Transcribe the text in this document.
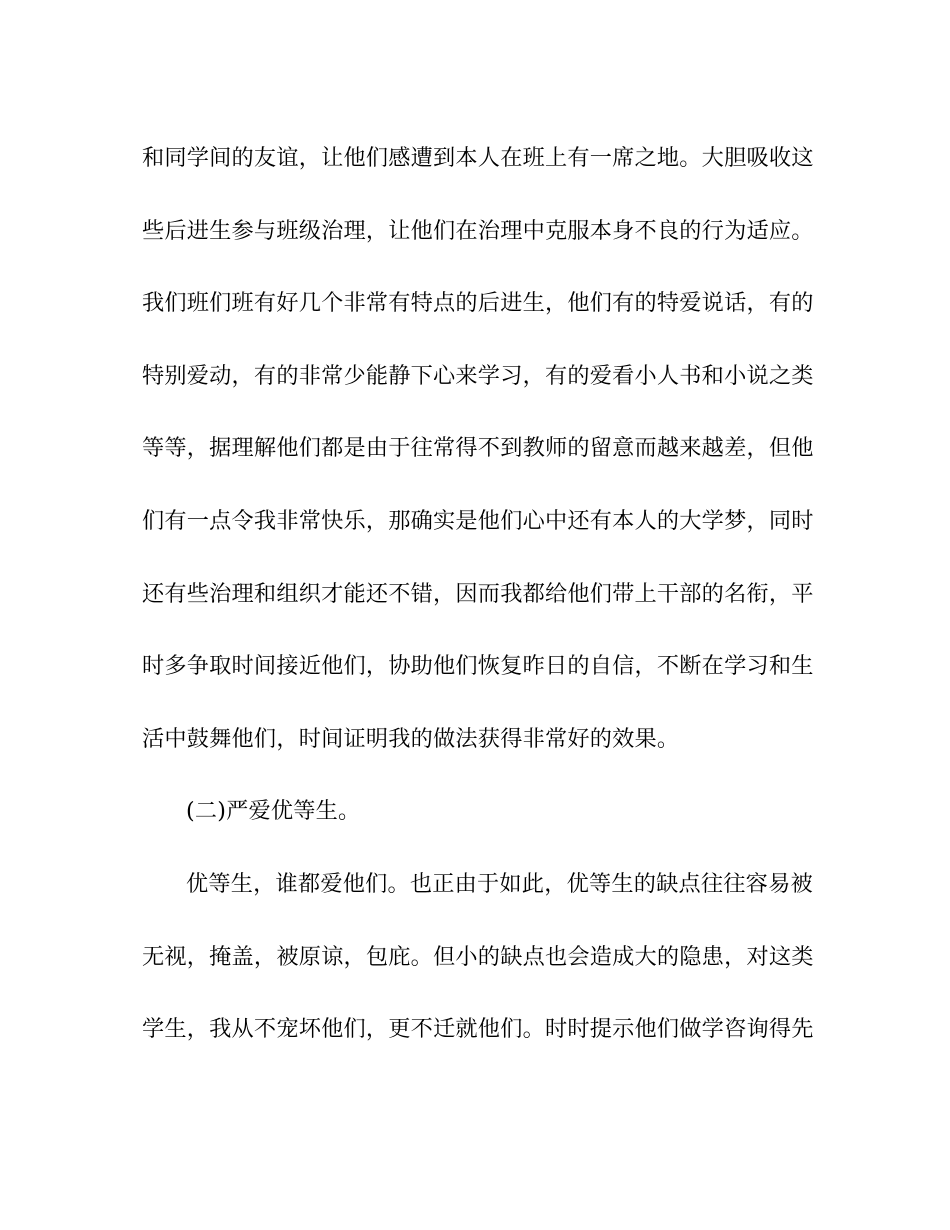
和同学间的友谊，让他们感遭到本人在班上有一席之地。大胆吸收这
些后进生参与班级治理，让他们在治理中克服本身不良的行为适应。
我们班们班有好几个非常有特点的后进生，他们有的特爱说话，有的
特别爱动，有的非常少能静下心来学习，有的爱看小人书和小说之类
等等，据理解他们都是由于往常得不到教师的留意而越来越差，但他
们有一点令我非常快乐，那确实是他们心中还有本人的大学梦，同时
还有些治理和组织才能还不错，因而我都给他们带上干部的名衔，平
时多争取时间接近他们，协助他们恢复昨日的自信，不断在学习和生
活中鼓舞他们，时间证明我的做法获得非常好的效果。
(二)严爱优等生。
优等生，谁都爱他们。也正由于如此，优等生的缺点往往容易被
无视，掩盖，被原谅，包庇。但小的缺点也会造成大的隐患，对这类
学生，我从不宠坏他们，更不迁就他们。时时提示他们做学咨询得先
